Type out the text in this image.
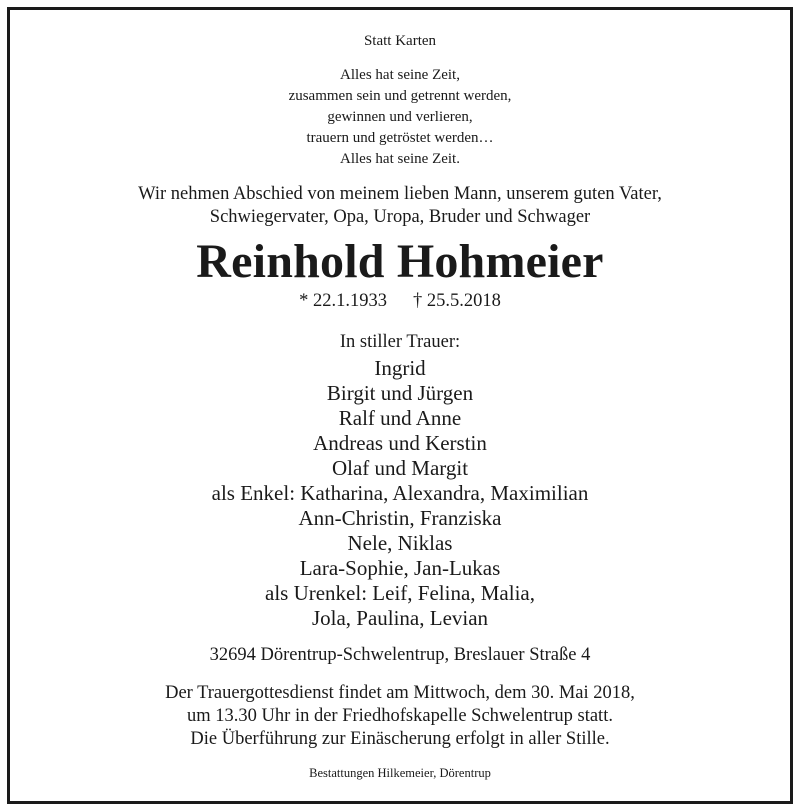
Statt Karten
Alles hat seine Zeit,
zusammen sein und getrennt werden,
gewinnen und verlieren,
trauern und getröstet werden…
Alles hat seine Zeit.
Wir nehmen Abschied von meinem lieben Mann, unserem guten Vater,
Schwiegervater, Opa, Uropa, Bruder und Schwager
Reinhold Hohmeier
* 22.1.1933 † 25.5.2018
In stiller Trauer:
Ingrid
Birgit und Jürgen
Ralf und Anne
Andreas und Kerstin
Olaf und Margit
als Enkel: Katharina, Alexandra, Maximilian
Ann-Christin, Franziska
Nele, Niklas
Lara-Sophie, Jan-Lukas
als Urenkel: Leif, Felina, Malia,
Jola, Paulina, Levian
32694 Dörentrup-Schwelentrup, Breslauer Straße 4
Der Trauergottesdienst findet am Mittwoch, dem 30. Mai 2018,
um 13.30 Uhr in der Friedhofskapelle Schwelentrup statt.
Die Überführung zur Einäscherung erfolgt in aller Stille.
Bestattungen Hilkemeier, Dörentrup
